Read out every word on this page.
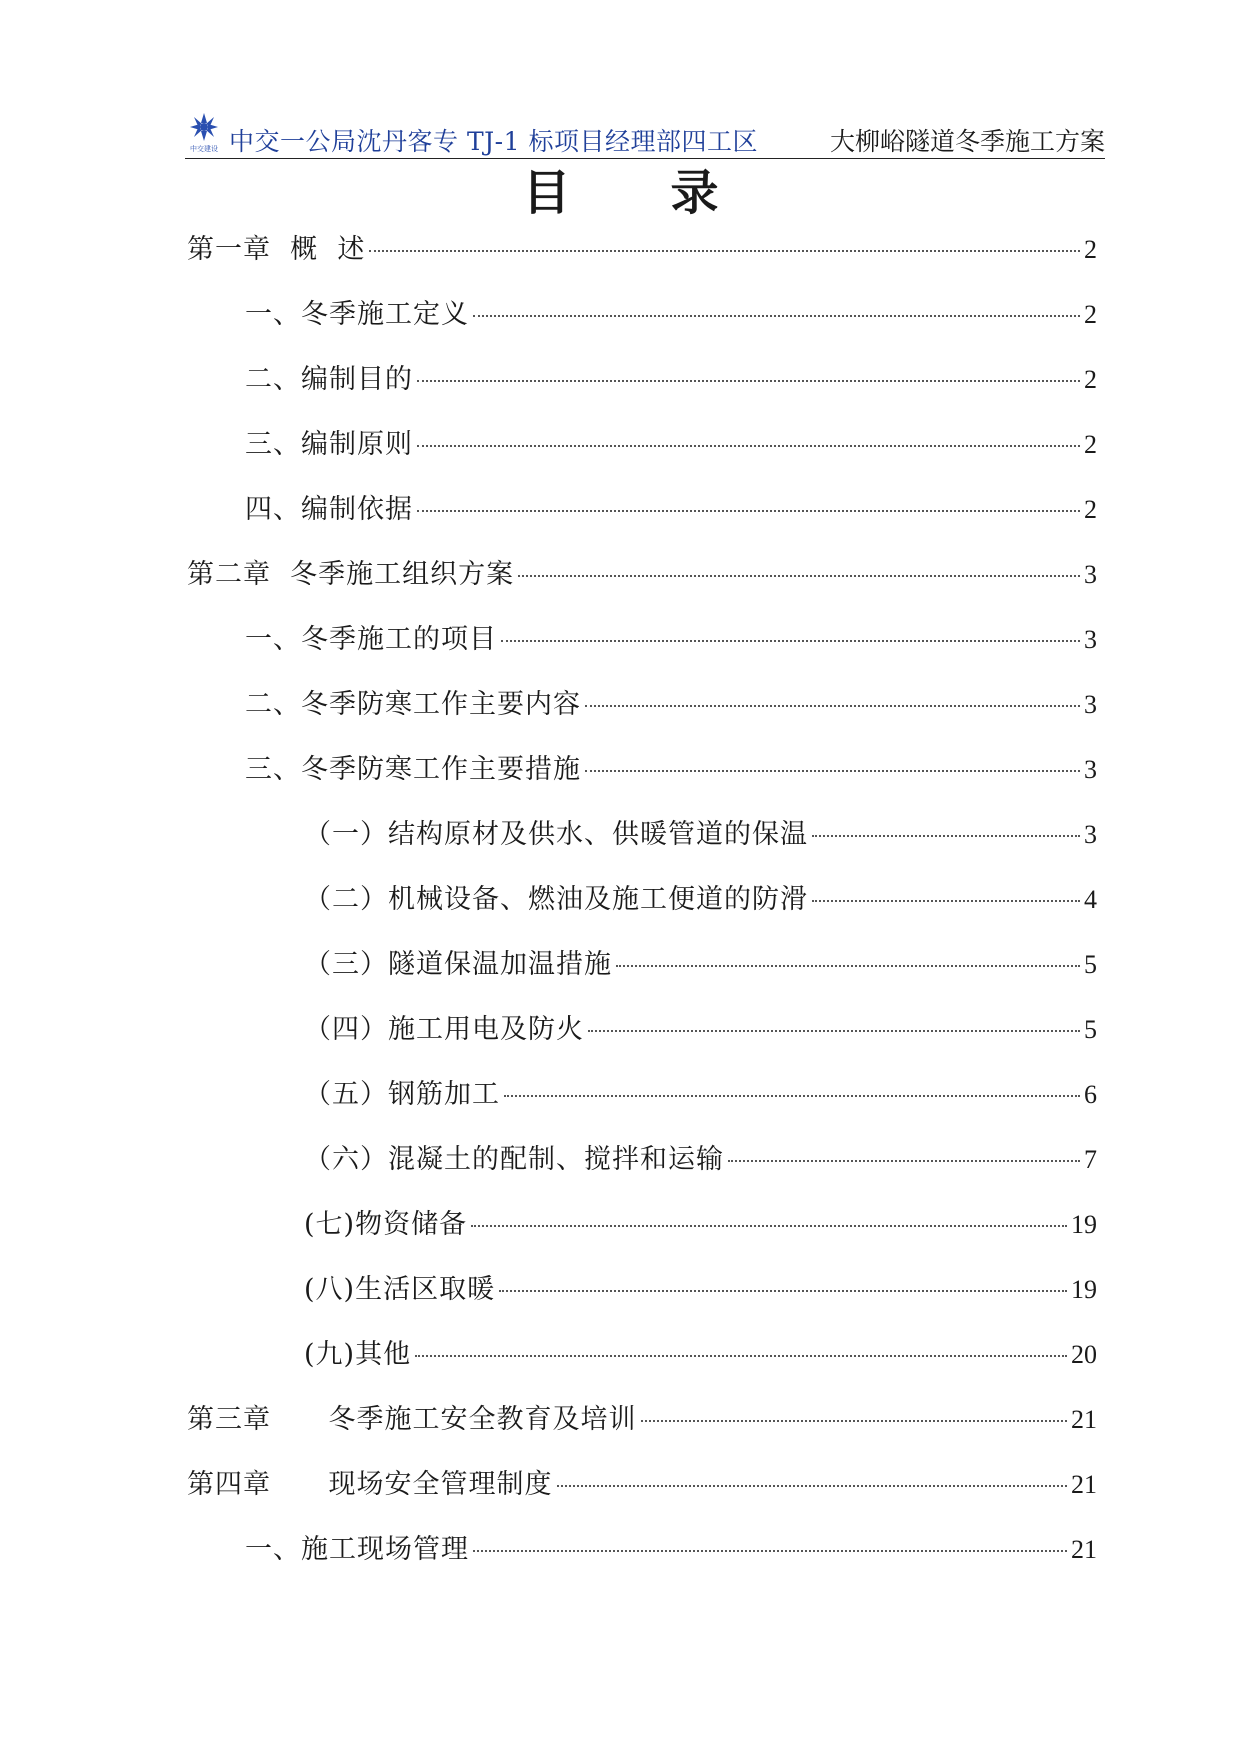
中交建设 中交一公局沈丹客专 TJ-1 标项目经理部四工区	大柳峪隧道冬季施工方案
目录
第一章  概  述	2
一、冬季施工定义	2
二、编制目的	2
三、编制原则	2
四、编制依据	2
第二章  冬季施工组织方案	3
一、冬季施工的项目	3
二、冬季防寒工作主要内容	3
三、冬季防寒工作主要措施	3
（一）结构原材及供水、供暖管道的保温	3
（二）机械设备、燃油及施工便道的防滑	4
（三）隧道保温加温措施	5
（四）施工用电及防火	5
（五）钢筋加工	6
（六）混凝土的配制、搅拌和运输	7
(七)物资储备	19
(八)生活区取暖	19
(九)其他	20
第三章      冬季施工安全教育及培训	21
第四章      现场安全管理制度	21
一、施工现场管理	21
